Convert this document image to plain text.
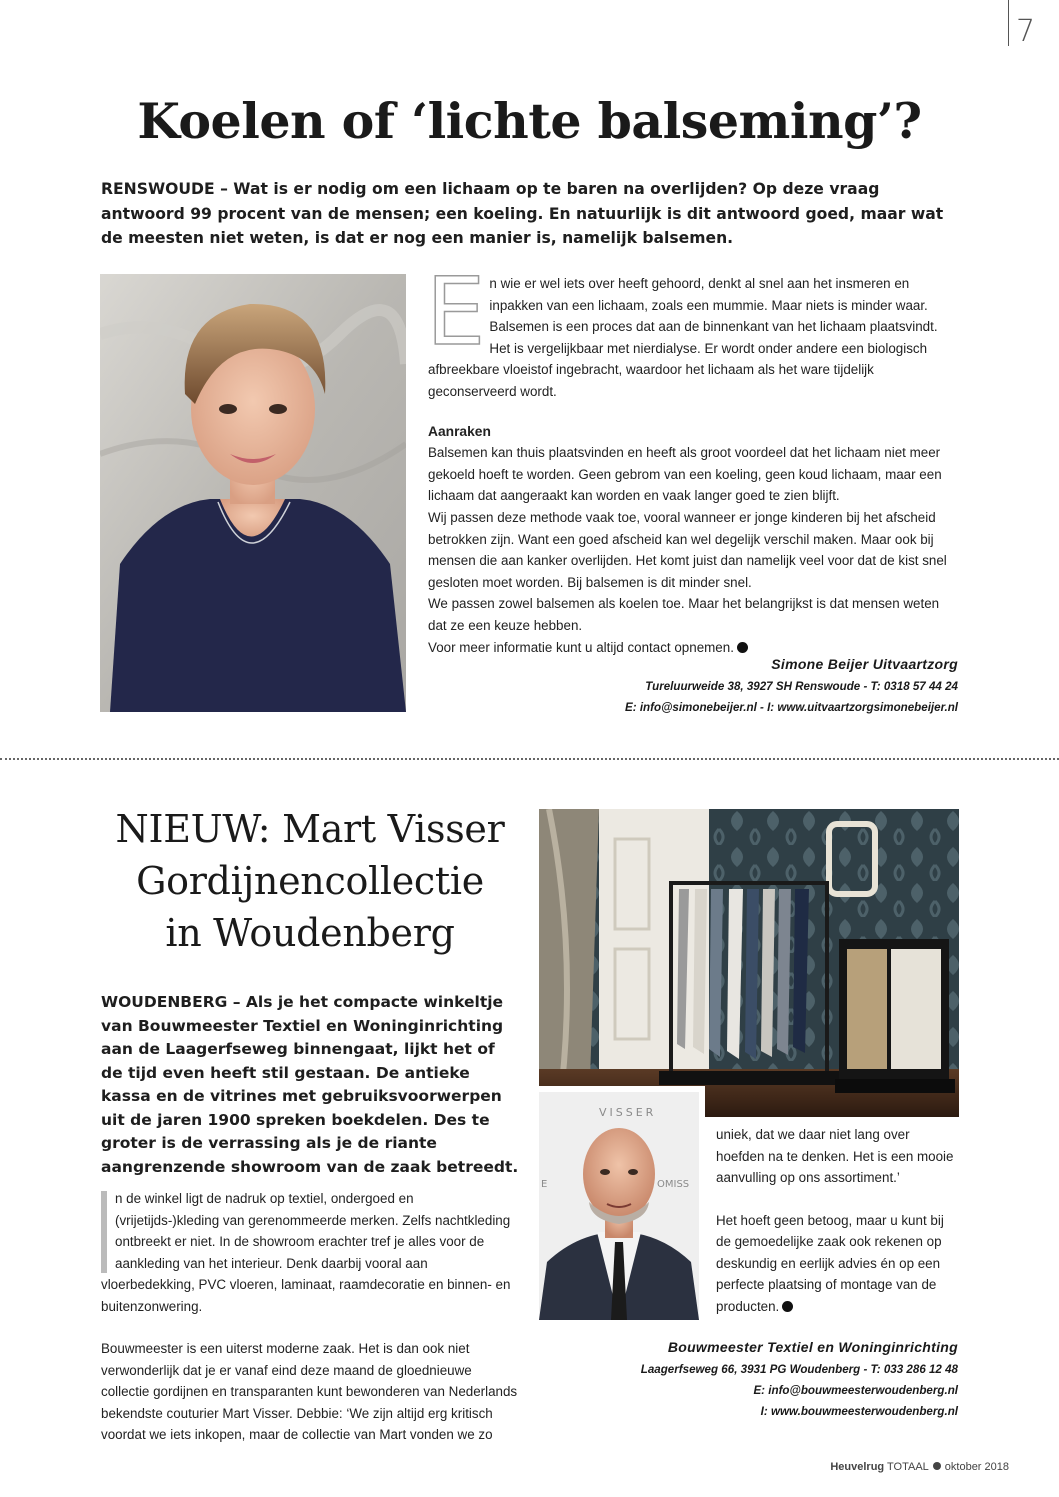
7
Koelen of ‘lichte balseming’?
RENSWOUDE – Wat is er nodig om een lichaam op te baren na overlijden? Op deze vraag antwoord 99 procent van de mensen; een koeling. En natuurlijk is dit antwoord goed, maar wat de meesten niet weten, is dat er nog een manier is, namelijk balsemen.
E n wie er wel iets over heeft gehoord, denkt al snel aan het insmeren en inpakken van een lichaam, zoals een mummie. Maar niets is minder waar. Balsemen is een proces dat aan de binnenkant van het lichaam plaatsvindt. Het is vergelijkbaar met nierdialyse. Er wordt onder andere een biologisch afbreekbare vloeistof ingebracht, waardoor het lichaam als het ware tijdelijk geconserveerd wordt.

Aanraken

Balsemen kan thuis plaatsvinden en heeft als groot voordeel dat het lichaam niet meer gekoeld hoeft te worden. Geen gebrom van een koeling, geen koud lichaam, maar een lichaam dat aangeraakt kan worden en vaak langer goed te zien blijft.

Wij passen deze methode vaak toe, vooral wanneer er jonge kinderen bij het afscheid betrokken zijn. Want een goed afscheid kan wel degelijk verschil maken. Maar ook bij mensen die aan kanker overlijden. Het komt juist dan namelijk veel voor dat de kist snel gesloten moet worden. Bij balsemen is dit minder snel.

We passen zowel balsemen als koelen toe. Maar het belangrijkst is dat mensen weten dat ze een keuze hebben.

Voor meer informatie kunt u altijd contact opnemen.

Simone Beijer Uitvaartzorg
Tureluurweide 38, 3927 SH Renswoude - T: 0318 57 44 24
E: info@simonebeijer.nl - I: www.uitvaartzorgsimonebeijer.nl
NIEUW: Mart Visser
Gordijnencollectie
in Woudenberg
WOUDENBERG – Als je het compacte winkeltje van Bouwmeester Textiel en Woninginrichting aan de Laagerfseweg binnengaat, lijkt het of de tijd even heeft stil gestaan. De antieke kassa en de vitrines met gebruiksvoorwerpen uit de jaren 1900 spreken boekdelen. Des te groter is de verrassing als je de riante aangrenzende showroom van de zaak betreedt.

n de winkel ligt de nadruk op textiel, ondergoed en (vrijetijds-)kleding van gerenommeerde merken. Zelfs nachtkleding ontbreekt er niet. In de showroom erachter tref je alles voor de aankleding van het interieur. Denk daarbij vooral aan vloerbedekking, PVC vloeren, laminaat, raamdecoratie en binnen- en buitenzonwering.

Bouwmeester is een uiterst moderne zaak. Het is dan ook niet verwonderlijk dat je er vanaf eind deze maand de gloednieuwe collectie gordijnen en transparanten kunt bewonderen van Nederlands bekendste couturier Mart Visser. Debbie: ‘We zijn altijd erg kritisch voordat we iets inkopen, maar de collectie van Mart vonden we zo

VISSER
E	OMISS

uniek, dat we daar niet lang over hoefden na te denken. Het is een mooie aanvulling op ons assortiment.’

Het hoeft geen betoog, maar u kunt bij de gemoedelijke zaak ook rekenen op deskundig en eerlijk advies én op een perfecte plaatsing of montage van de producten.

Bouwmeester Textiel en Woninginrichting
Laagerfseweg 66, 3931 PG Woudenberg - T: 033 286 12 48
E: info@bouwmeesterwoudenberg.nl
I: www.bouwmeesterwoudenberg.nl
Heuvelrug TOTAAL oktober 2018
